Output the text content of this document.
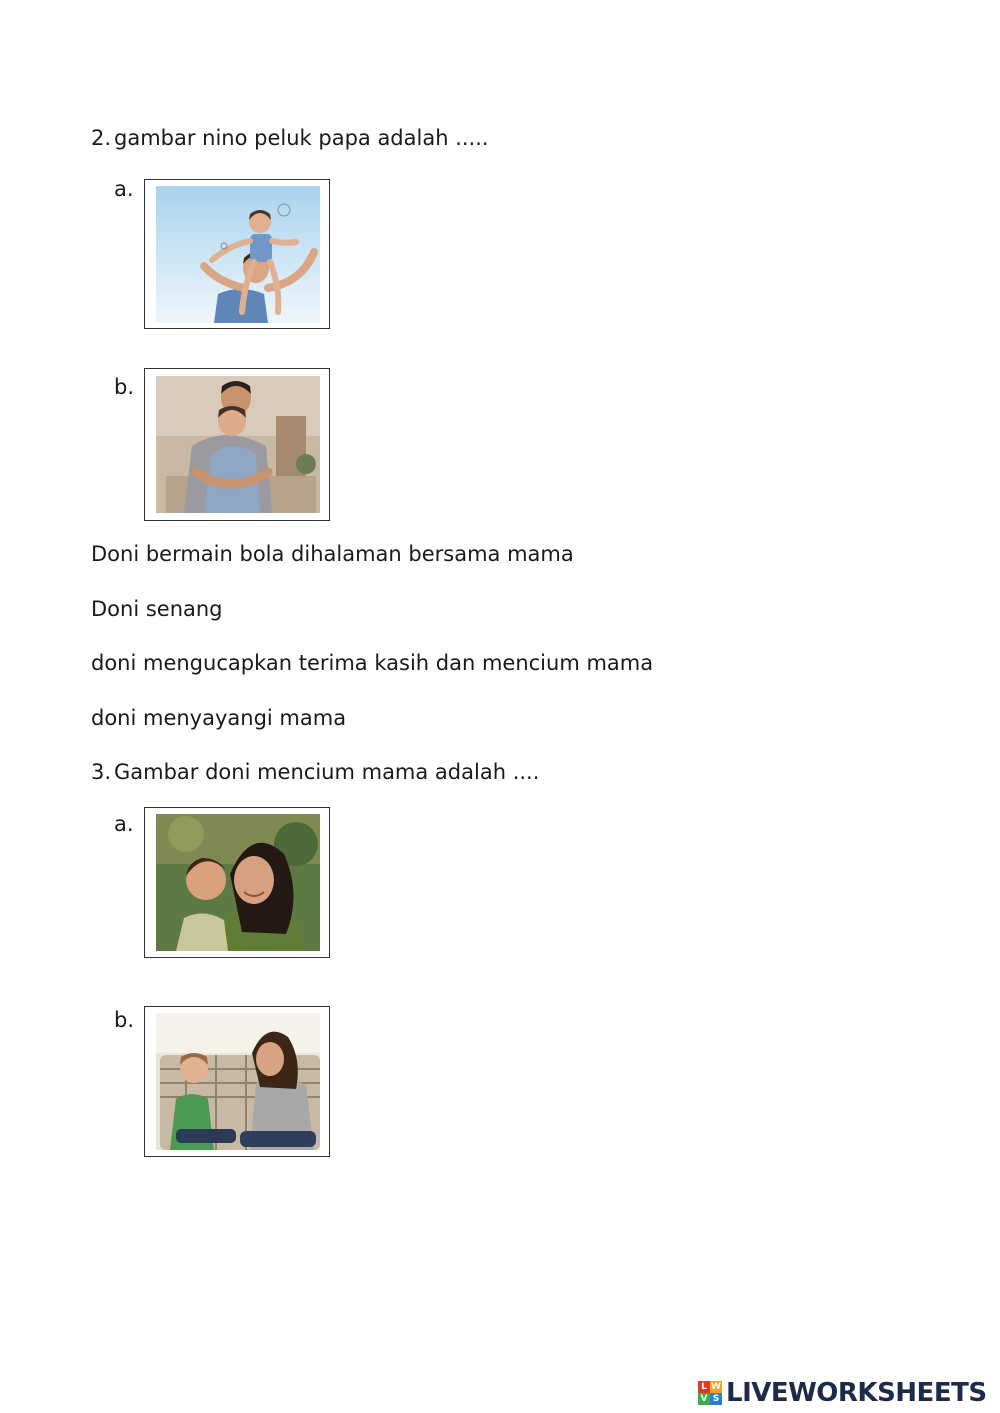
2. gambar nino peluk papa adalah .....
a.
b.
Doni bermain bola dihalaman bersama mama
Doni senang
doni mengucapkan terima kasih dan mencium mama
doni menyayangi mama
3. Gambar doni mencium mama adalah ....
a.
b.
L W
V S LIVEWORKSHEETS
